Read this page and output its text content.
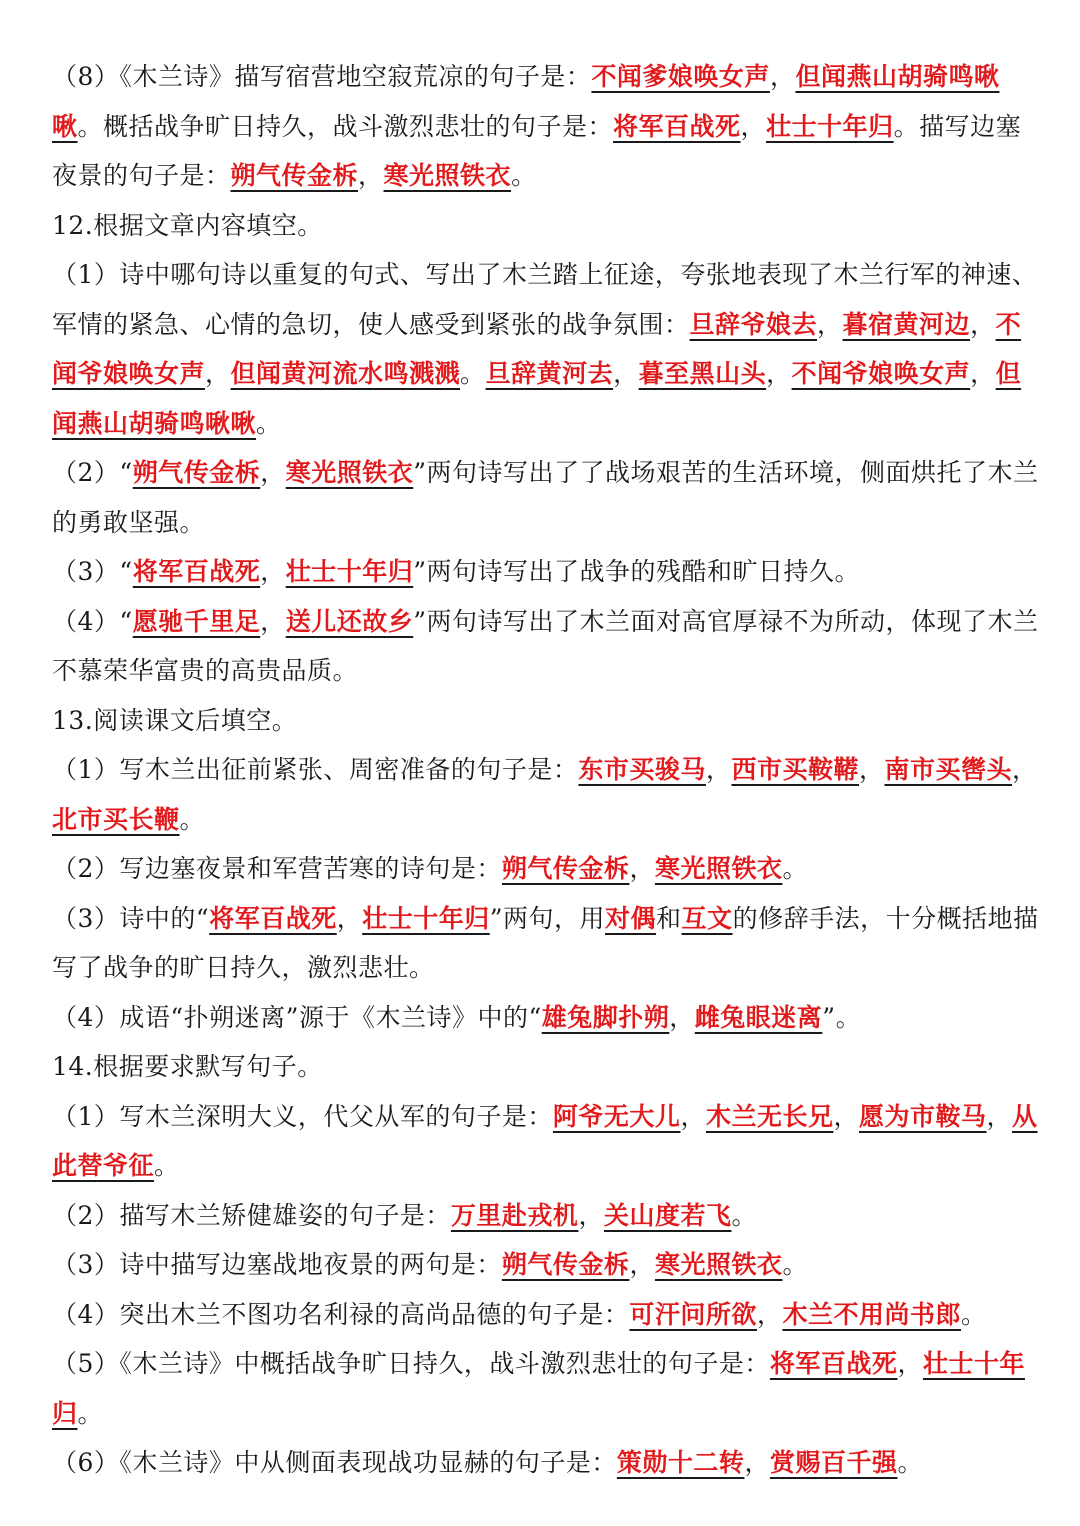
（8）《木兰诗》描写宿营地空寂荒凉的句子是：不闻爹娘唤女声，但闻燕山胡骑鸣啾啾。概括战争旷日持久，战斗激烈悲壮的句子是：将军百战死，壮士十年归。描写边塞夜景的句子是：朔气传金柝，寒光照铁衣。

12.根据文章内容填空。

（1）诗中哪句诗以重复的句式、写出了木兰踏上征途，夸张地表现了木兰行军的神速、军情的紧急、心情的急切，使人感受到紧张的战争氛围：旦辞爷娘去，暮宿黄河边，不闻爷娘唤女声，但闻黄河流水鸣溅溅。旦辞黄河去，暮至黑山头，不闻爷娘唤女声，但闻燕山胡骑鸣啾啾。

（2）“朔气传金柝，寒光照铁衣”两句诗写出了了战场艰苦的生活环境，侧面烘托了木兰的勇敢坚强。

（3）“将军百战死，壮士十年归”两句诗写出了战争的残酷和旷日持久。

（4）“愿驰千里足，送儿还故乡”两句诗写出了木兰面对高官厚禄不为所动，体现了木兰不慕荣华富贵的高贵品质。

13.阅读课文后填空。

（1）写木兰出征前紧张、周密准备的句子是：东市买骏马，西市买鞍鞯，南市买辔头，北市买长鞭。

（2）写边塞夜景和军营苦寒的诗句是：朔气传金柝，寒光照铁衣。

（3）诗中的“将军百战死，壮士十年归”两句，用对偶和互文的修辞手法，十分概括地描写了战争的旷日持久，激烈悲壮。

（4）成语“扑朔迷离”源于《木兰诗》中的“雄兔脚扑朔，雌兔眼迷离”。

14.根据要求默写句子。

（1）写木兰深明大义，代父从军的句子是：阿爷无大儿，木兰无长兄，愿为市鞍马，从此替爷征。

（2）描写木兰矫健雄姿的句子是：万里赴戎机，关山度若飞。

（3）诗中描写边塞战地夜景的两句是：朔气传金柝，寒光照铁衣。

（4）突出木兰不图功名利禄的高尚品德的句子是：可汗问所欲，木兰不用尚书郎。

（5）《木兰诗》中概括战争旷日持久，战斗激烈悲壮的句子是：将军百战死，壮士十年归。

（6）《木兰诗》中从侧面表现战功显赫的句子是：策勋十二转，赏赐百千强。
